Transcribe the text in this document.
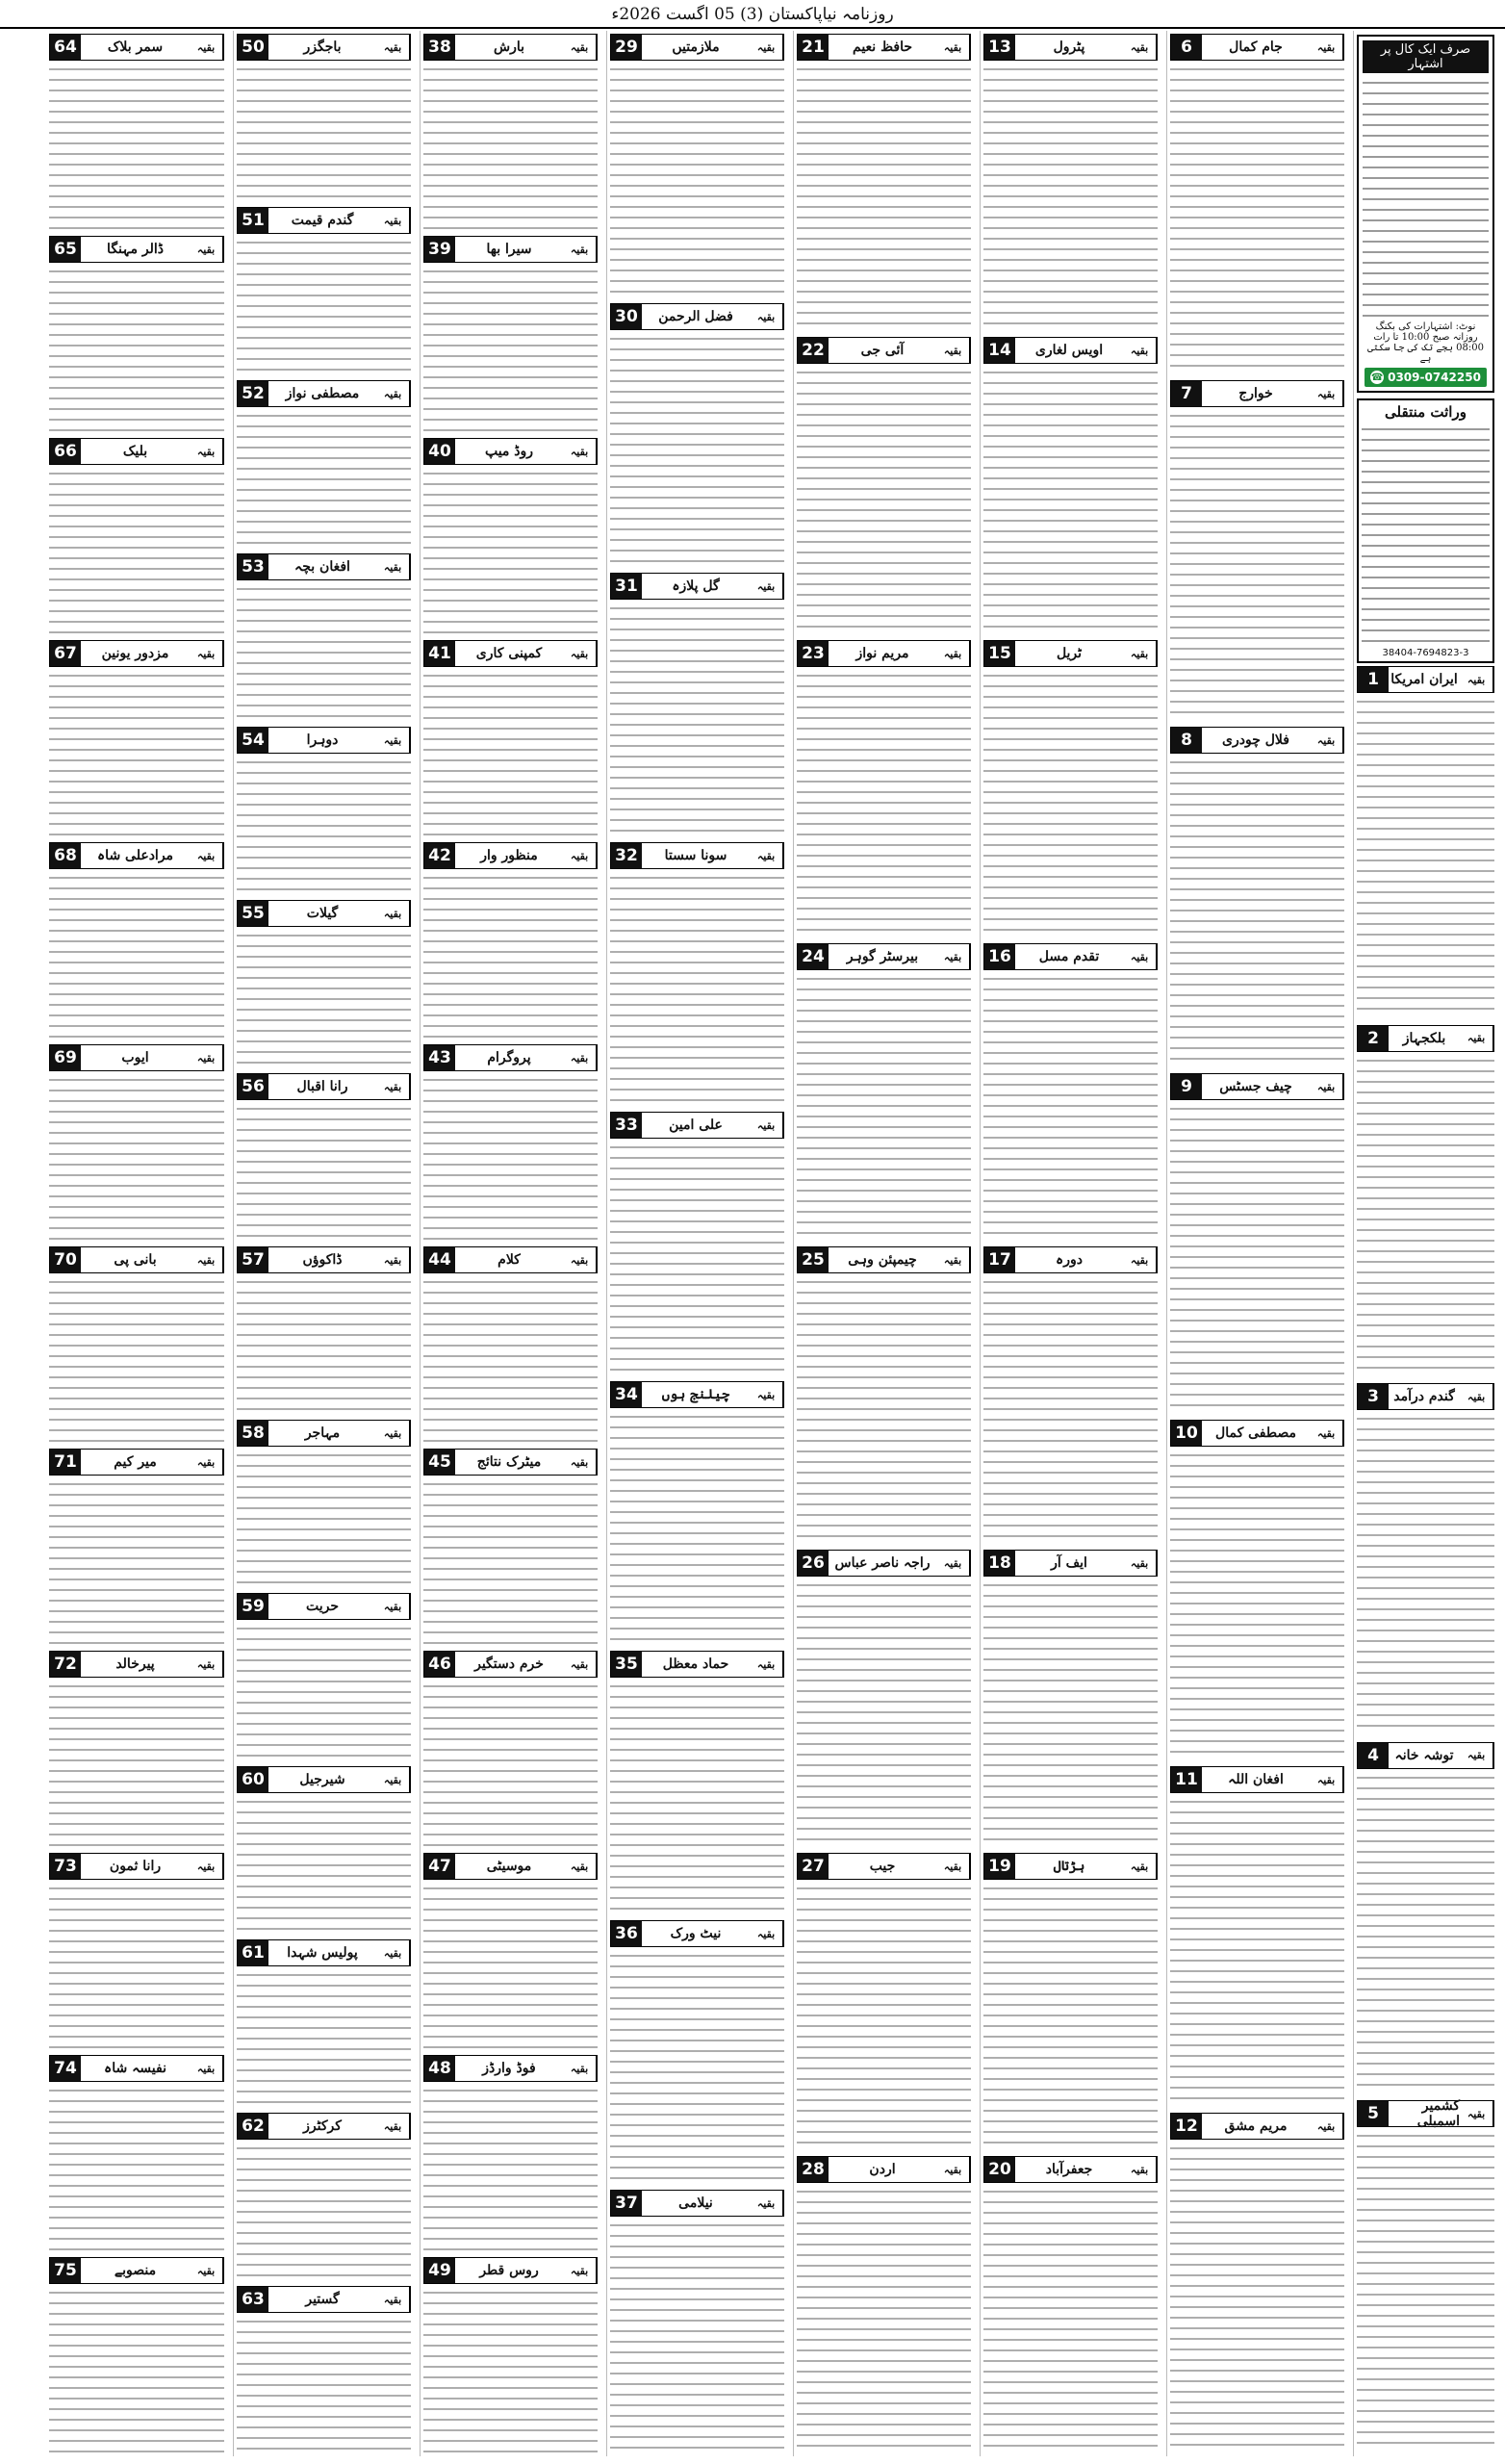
روزنامہ نیاپاکستان (3) 05 اگست 2026ء
صرف ایک کال پر اشتہار
نوٹ: اشتہارات کی بکنگ روزانہ صبح 10:00 تا رات 08:00 بجے تک کی جا سکتی ہے
☎ 0309-0742250
وراثت منتقلی
38404-7694823-3
بقیہ
ایران امریکا
1
بقیہ
بلکجہاز
2
بقیہ
گندم درآمد
3
بقیہ
توشہ خانہ
4
بقیہ
کشمیر اسمبلی
5
بقیہ
جام کمال
6
بقیہ
خوارج
7
بقیہ
فلال چودری
8
بقیہ
چیف جسٹس
9
بقیہ
مصطفی کمال
10
بقیہ
افغان اللہ
11
بقیہ
مریم مشق
12
بقیہ
پٹرول
13
بقیہ
اویس لغاری
14
بقیہ
ٹریل
15
بقیہ
تقدم مسل
16
بقیہ
دورہ
17
بقیہ
ایف آر
18
بقیہ
ہڑتال
19
بقیہ
جعفرآباد
20
بقیہ
حافظ نعیم
21
بقیہ
آئی جی
22
بقیہ
مریم نواز
23
بقیہ
بیرسٹر گوہر
24
بقیہ
چیمپئن وہی
25
بقیہ
راجہ ناصر عباس
26
بقیہ
جیب
27
بقیہ
اردن
28
بقیہ
ملازمتیں
29
بقیہ
فضل الرحمن
30
بقیہ
گل پلازہ
31
بقیہ
سونا سستا
32
بقیہ
علی امین
33
بقیہ
چیلنج ہوں
34
بقیہ
حماد معظل
35
بقیہ
نیٹ ورک
36
بقیہ
نیلامی
37
بقیہ
بارش
38
بقیہ
سیرا بھا
39
بقیہ
روڈ میپ
40
بقیہ
کمپنی کاری
41
بقیہ
منظور وار
42
بقیہ
پروگرام
43
بقیہ
کلام
44
بقیہ
میٹرک نتائج
45
بقیہ
خرم دستگیر
46
بقیہ
موسیٹی
47
بقیہ
فوڈ وارڈز
48
بقیہ
روس قطر
49
بقیہ
باجگزر
50
بقیہ
گندم قیمت
51
بقیہ
مصطفی نواز
52
بقیہ
افغان بچہ
53
بقیہ
دوہرا
54
بقیہ
گیلات
55
بقیہ
رانا اقبال
56
بقیہ
ڈاکوؤں
57
بقیہ
مہاجر
58
بقیہ
حریت
59
بقیہ
شیرجیل
60
بقیہ
پولیس شہدا
61
بقیہ
کرکٹرز
62
بقیہ
گستیر
63
بقیہ
سمر بلاک
64
بقیہ
ڈالر مہنگا
65
بقیہ
بلیک
66
بقیہ
مزدور یونین
67
بقیہ
مرادعلی شاہ
68
بقیہ
ایوب
69
بقیہ
بانی پی
70
بقیہ
میر کیم
71
بقیہ
پیرخالد
72
بقیہ
رانا ثمون
73
بقیہ
نفیسہ شاہ
74
بقیہ
منصوبے
75
